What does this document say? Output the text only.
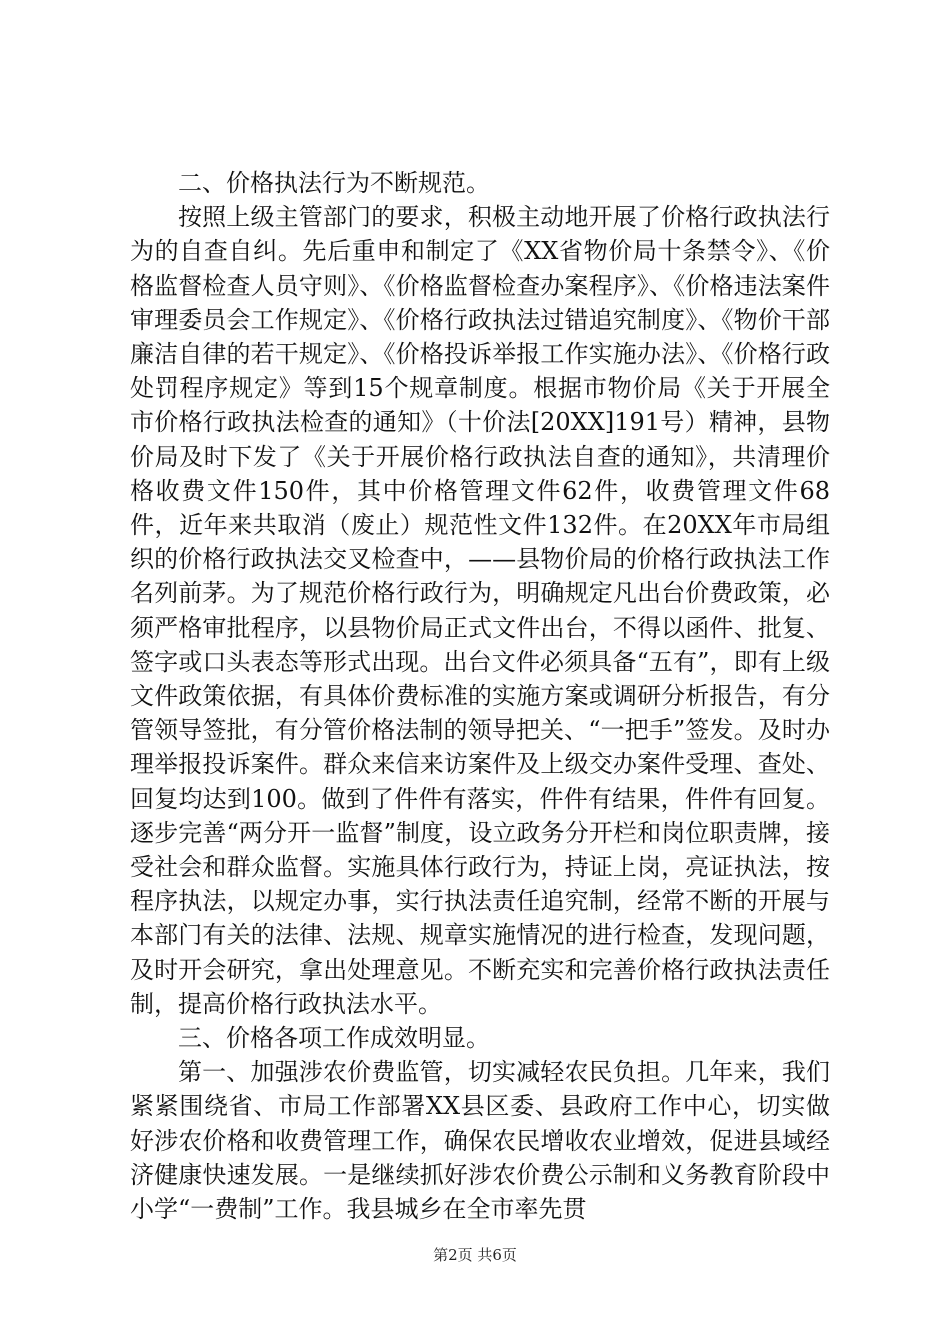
二、价格执法行为不断规范。

按照上级主管部门的要求，积极主动地开展了价格行政执法行为的自查自纠。先后重申和制定了《XX省物价局十条禁令》、《价格监督检查人员守则》、《价格监督检查办案程序》、《价格违法案件审理委员会工作规定》、《价格行政执法过错追究制度》、《物价干部廉洁自律的若干规定》、《价格投诉举报工作实施办法》、《价格行政处罚程序规定》等到15个规章制度。根据市物价局《关于开展全市价格行政执法检查的通知》（十价法[20XX]191号）精神，县物价局及时下发了《关于开展价格行政执法自查的通知》，共清理价格收费文件150件，其中价格管理文件62件，收费管理文件68件，近年来共取消（废止）规范性文件132件。在20XX年市局组织的价格行政执法交叉检查中，——县物价局的价格行政执法工作名列前茅。为了规范价格行政行为，明确规定凡出台价费政策，必须严格审批程序，以县物价局正式文件出台，不得以函件、批复、签字或口头表态等形式出现。出台文件必须具备“五有”，即有上级文件政策依据，有具体价费标准的实施方案或调研分析报告，有分管领导签批，有分管价格法制的领导把关、“一把手”签发。及时办理举报投诉案件。群众来信来访案件及上级交办案件受理、查处、回复均达到100。做到了件件有落实，件件有结果，件件有回复。逐步完善“两分开一监督”制度，设立政务分开栏和岗位职责牌，接受社会和群众监督。实施具体行政行为，持证上岗，亮证执法，按程序执法，以规定办事，实行执法责任追究制，经常不断的开展与本部门有关的法律、法规、规章实施情况的进行检查，发现问题，及时开会研究，拿出处理意见。不断充实和完善价格行政执法责任制，提高价格行政执法水平。

三、价格各项工作成效明显。

第一、加强涉农价费监管，切实减轻农民负担。几年来，我们紧紧围绕省、市局工作部署XX县区委、县政府工作中心，切实做好涉农价格和收费管理工作，确保农民增收农业增效，促进县域经济健康快速发展。一是继续抓好涉农价费公示制和义务教育阶段中小学“一费制”工作。我县城乡在全市率先贯

第2页 共6页
